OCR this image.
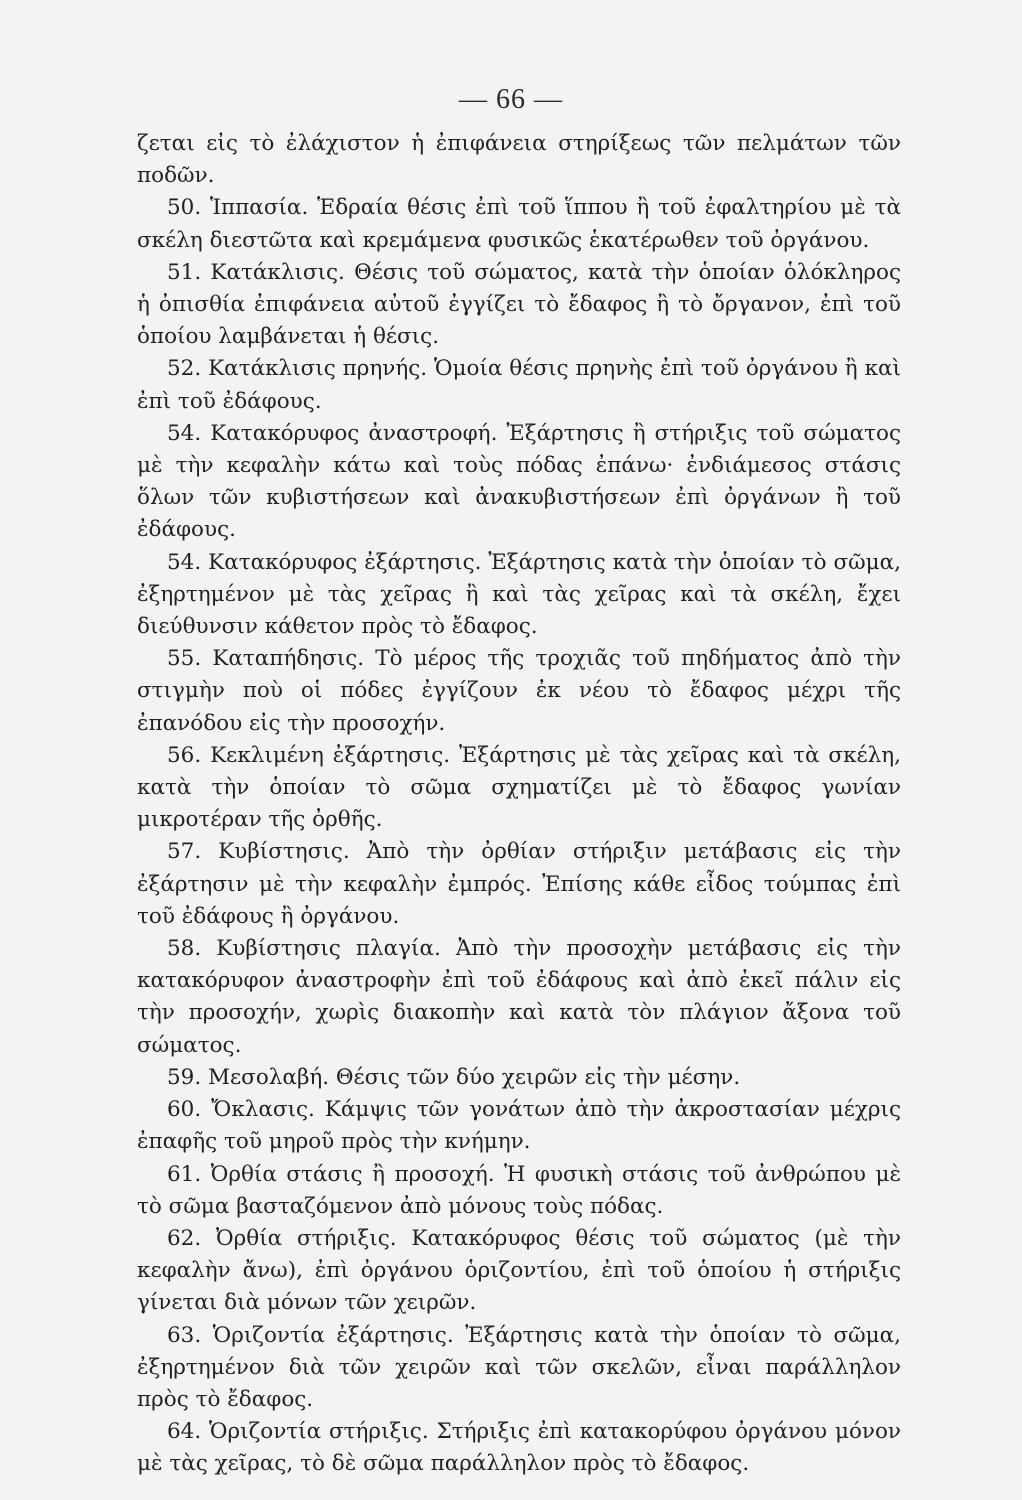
— 66 —

ζεται εἰς τὸ ἐλάχιστον ἡ ἐπιφάνεια στηρίξεως τῶν πελμάτων τῶν ποδῶν.

50. Ἱππασία. Ἑδραία θέσις ἐπὶ τοῦ ἵππου ἢ τοῦ ἐφαλτηρίου μὲ τὰ σκέλη διεστῶτα καὶ κρεμάμενα φυσικῶς ἑκατέρωθεν τοῦ ὀργάνου.

51. Κατάκλισις. Θέσις τοῦ σώματος, κατὰ τὴν ὁποίαν ὁλόκληρος ἡ ὀπισθία ἐπιφάνεια αὐτοῦ ἐγγίζει τὸ ἔδαφος ἢ τὸ ὄργανον, ἐπὶ τοῦ ὁποίου λαμβάνεται ἡ θέσις.

52. Κατάκλισις πρηνής. Ὁμοία θέσις πρηνὴς ἐπὶ τοῦ ὀργάνου ἢ καὶ ἐπὶ τοῦ ἐδάφους.

54. Κατακόρυφος ἀναστροφή. Ἐξάρτησις ἢ στήριξις τοῦ σώματος μὲ τὴν κεφαλὴν κάτω καὶ τοὺς πόδας ἐπάνω· ἐνδιάμεσος στάσις ὅλων τῶν κυβιστήσεων καὶ ἀνακυβιστήσεων ἐπὶ ὀργάνων ἢ τοῦ ἐδάφους.

54. Κατακόρυφος ἐξάρτησις. Ἐξάρτησις κατὰ τὴν ὁποίαν τὸ σῶμα, ἐξηρτημένον μὲ τὰς χεῖρας ἢ καὶ τὰς χεῖρας καὶ τὰ σκέλη, ἔχει διεύθυνσιν κάθετον πρὸς τὸ ἔδαφος.

55. Καταπήδησις. Τὸ μέρος τῆς τροχιᾶς τοῦ πηδήματος ἀπὸ τὴν στιγμὴν ποὺ οἱ πόδες ἐγγίζουν ἐκ νέου τὸ ἔδαφος μέχρι τῆς ἐπανόδου εἰς τὴν προσοχήν.

56. Κεκλιμένη ἐξάρτησις. Ἐξάρτησις μὲ τὰς χεῖρας καὶ τὰ σκέλη, κατὰ τὴν ὁποίαν τὸ σῶμα σχηματίζει μὲ τὸ ἔδαφος γωνίαν μικροτέραν τῆς ὀρθῆς.

57. Κυβίστησις. Ἀπὸ τὴν ὀρθίαν στήριξιν μετάβασις εἰς τὴν ἐξάρτησιν μὲ τὴν κεφαλὴν ἐμπρός. Ἐπίσης κάθε εἶδος τούμπας ἐπὶ τοῦ ἐδάφους ἢ ὀργάνου.

58. Κυβίστησις πλαγία. Ἀπὸ τὴν προσοχὴν μετάβασις εἰς τὴν κατακόρυφον ἀναστροφὴν ἐπὶ τοῦ ἐδάφους καὶ ἀπὸ ἐκεῖ πάλιν εἰς τὴν προσοχήν, χωρὶς διακοπὴν καὶ κατὰ τὸν πλάγιον ἄξονα τοῦ σώματος.

59. Μεσολαβή. Θέσις τῶν δύο χειρῶν εἰς τὴν μέσην.

60. Ὄκλασις. Κάμψις τῶν γονάτων ἀπὸ τὴν ἀκροστασίαν μέχρις ἐπαφῆς τοῦ μηροῦ πρὸς τὴν κνήμην.

61. Ὀρθία στάσις ἢ προσοχή. Ἡ φυσικὴ στάσις τοῦ ἀνθρώπου μὲ τὸ σῶμα βασταζόμενον ἀπὸ μόνους τοὺς πόδας.

62. Ὀρθία στήριξις. Κατακόρυφος θέσις τοῦ σώματος (μὲ τὴν κεφαλὴν ἄνω), ἐπὶ ὀργάνου ὁριζοντίου, ἐπὶ τοῦ ὁποίου ἡ στήριξις γίνεται διὰ μόνων τῶν χειρῶν.

63. Ὁριζοντία ἐξάρτησις. Ἐξάρτησις κατὰ τὴν ὁποίαν τὸ σῶμα, ἐξηρτημένον διὰ τῶν χειρῶν καὶ τῶν σκελῶν, εἶναι παράλληλον πρὸς τὸ ἔδαφος.

64. Ὁριζοντία στήριξις. Στήριξις ἐπὶ κατακορύφου ὀργάνου μόνον μὲ τὰς χεῖρας, τὸ δὲ σῶμα παράλληλον πρὸς τὸ ἔδαφος.
